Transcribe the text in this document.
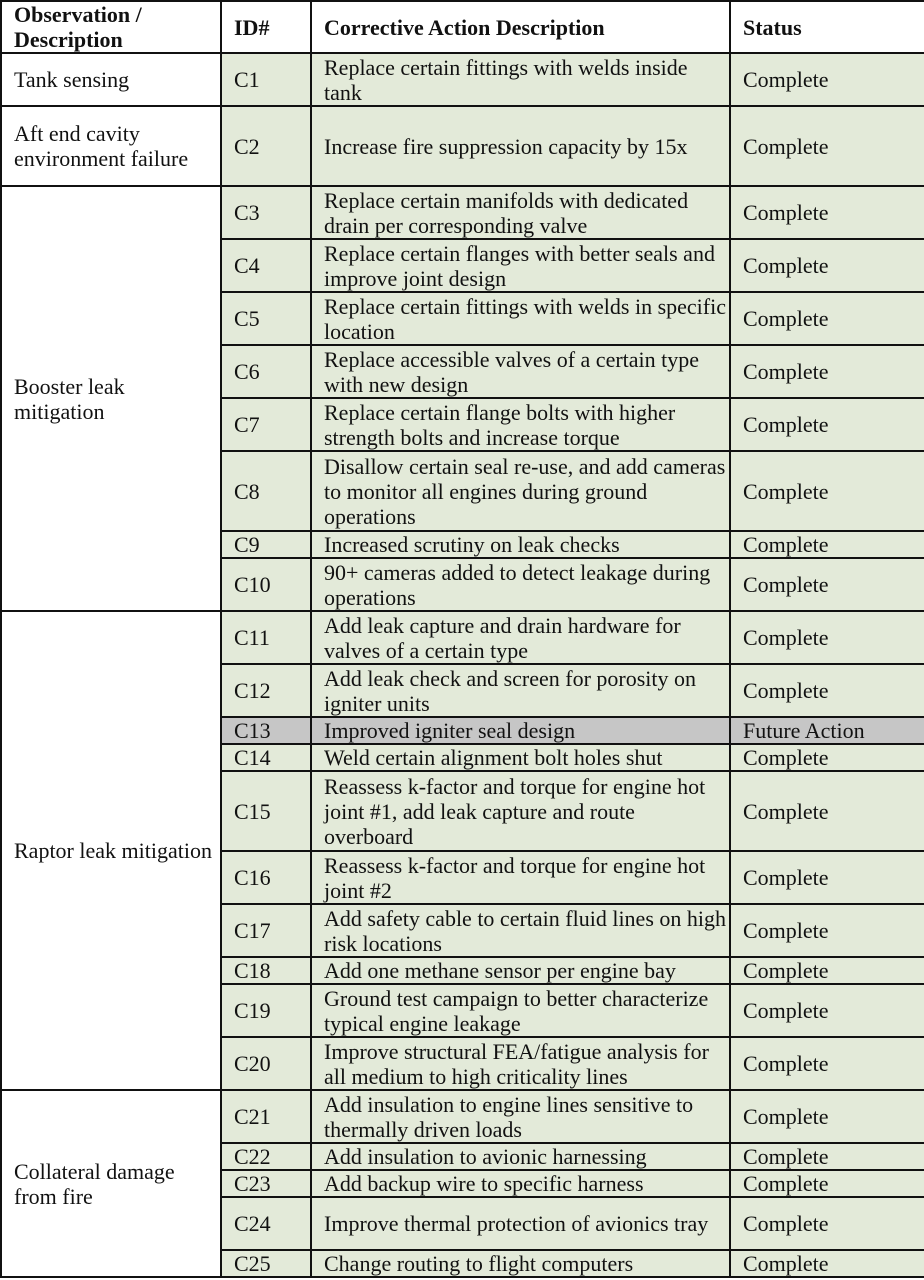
Observation / Description	ID#	Corrective Action Description	Status
Tank sensing	C1	Replace certain fittings with welds inside tank	Complete
Aft end cavity environment failure	C2	Increase fire suppression capacity by 15x	Complete
Booster leak mitigation	C3	Replace certain manifolds with dedicated drain per corresponding valve	Complete
	C4	Replace certain flanges with better seals and improve joint design	Complete
	C5	Replace certain fittings with welds in specific location	Complete
	C6	Replace accessible valves of a certain type with new design	Complete
	C7	Replace certain flange bolts with higher strength bolts and increase torque	Complete
	C8	Disallow certain seal re-use, and add cameras to monitor all engines during ground operations	Complete
	C9	Increased scrutiny on leak checks	Complete
	C10	90+ cameras added to detect leakage during operations	Complete
Raptor leak mitigation	C11	Add leak capture and drain hardware for valves of a certain type	Complete
	C12	Add leak check and screen for porosity on igniter units	Complete
	C13	Improved igniter seal design	Future Action
	C14	Weld certain alignment bolt holes shut	Complete
	C15	Reassess k-factor and torque for engine hot joint #1, add leak capture and route overboard	Complete
	C16	Reassess k-factor and torque for engine hot joint #2	Complete
	C17	Add safety cable to certain fluid lines on high risk locations	Complete
	C18	Add one methane sensor per engine bay	Complete
	C19	Ground test campaign to better characterize typical engine leakage	Complete
	C20	Improve structural FEA/fatigue analysis for all medium to high criticality lines	Complete
Collateral damage from fire	C21	Add insulation to engine lines sensitive to thermally driven loads	Complete
	C22	Add insulation to avionic harnessing	Complete
	C23	Add backup wire to specific harness	Complete
	C24	Improve thermal protection of avionics tray	Complete
	C25	Change routing to flight computers	Complete
